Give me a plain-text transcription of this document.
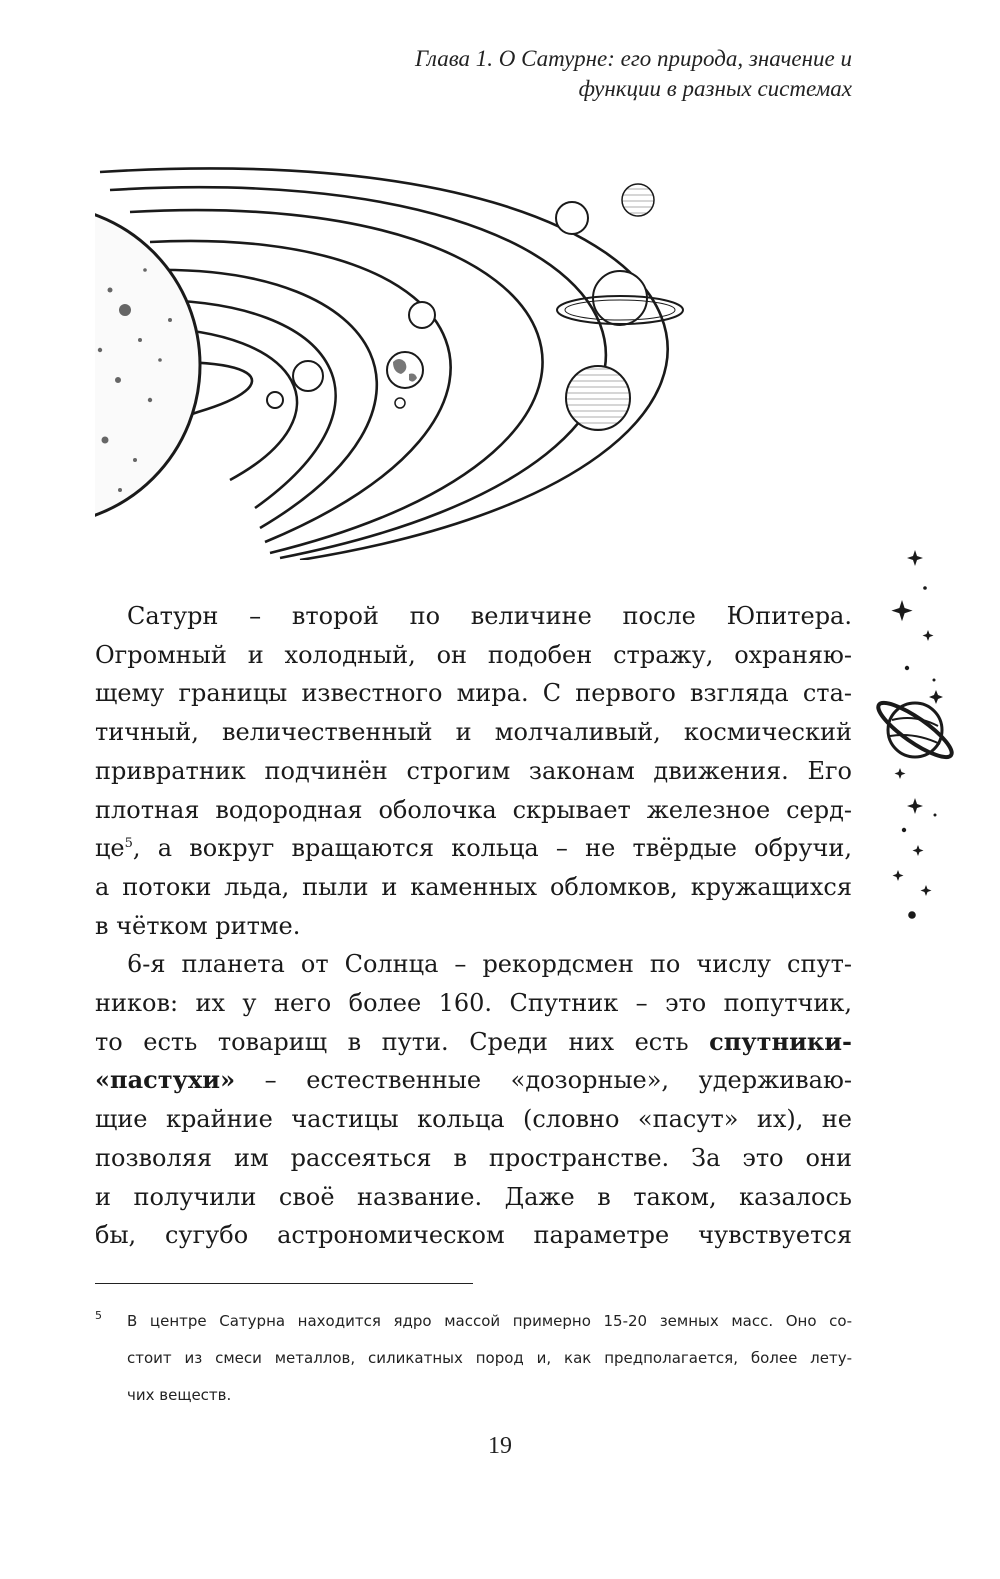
Глава 1. О Сатурне: его природа, значение и
функции в разных системах
Сатурн – второй по величине после Юпитера.
Огромный и холодный, он подобен стражу, охраняю-
щему границы известного мира. С первого взгляда ста-
тичный, величественный и молчаливый, космический
привратник подчинён строгим законам движения. Его
плотная водородная оболочка скрывает железное серд-
це$^5$, а вокруг вращаются кольца – не твёрдые обручи,
а потоки льда, пыли и каменных обломков, кружащихся
в чётком ритме.
6-я планета от Солнца – рекордсмен по числу спут-
ников: их у него более 160. Спутник – это попутчик,
то есть товарищ в пути. Среди них есть спутники-
«пастухи» – естественные «дозорные», удерживаю-
щие крайние частицы кольца (словно «пасут» их), не
позволяя им рассеяться в пространстве. За это они
и получили своё название. Даже в таком, казалось
бы, сугубо астрономическом параметре чувствуется
5 В центре Сатурна находится ядро массой примерно 15-20 земных масс. Оно со-
стоит из смеси металлов, силикатных пород и, как предполагается, более лету-
чих веществ.
19
